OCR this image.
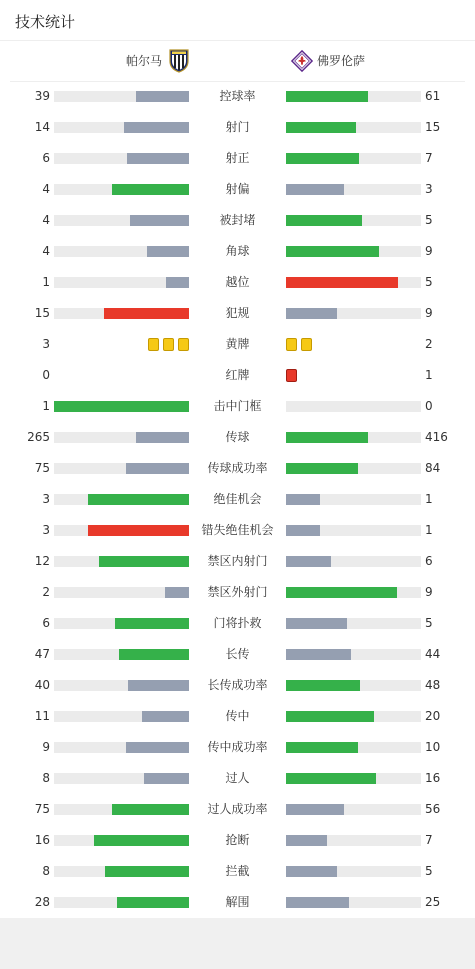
技术统计
帕尔马	佛罗伦萨
39	控球率	61
14	射门	15
6	射正	7
4	射偏	3
4	被封堵	5
4	角球	9
1	越位	5
15	犯规	9
3	黄牌	2
0	红牌	1
1	击中门框	0
265	传球	416
75	传球成功率	84
3	绝佳机会	1
3	错失绝佳机会	1
12	禁区内射门	6
2	禁区外射门	9
6	门将扑救	5
47	长传	44
40	长传成功率	48
11	传中	20
9	传中成功率	10
8	过人	16
75	过人成功率	56
16	抢断	7
8	拦截	5
28	解围	25
